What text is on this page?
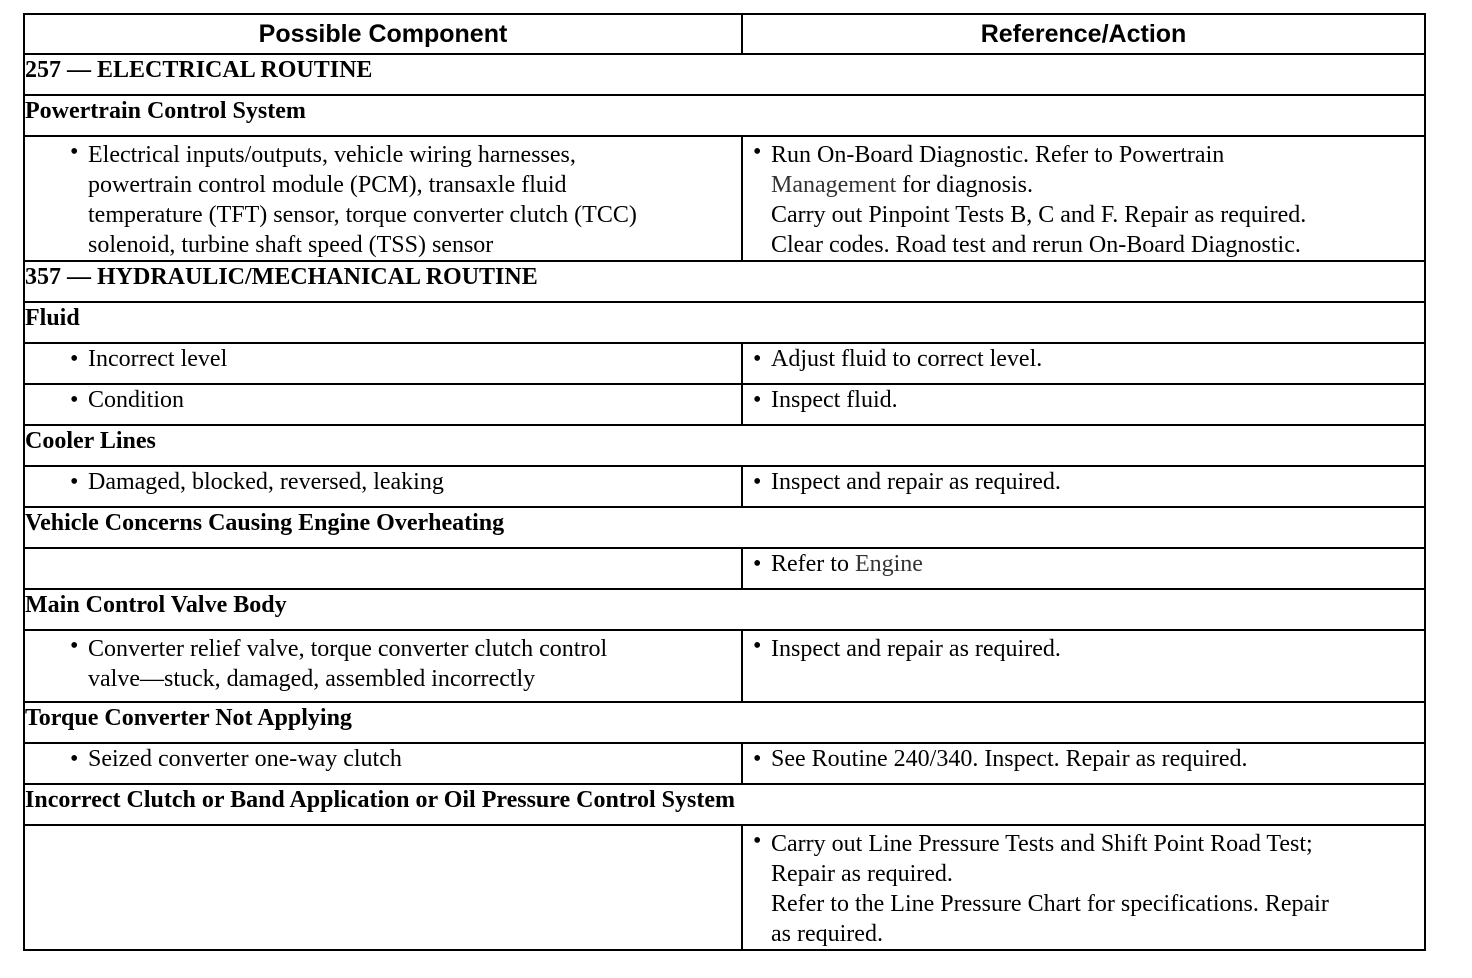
Possible Component	Reference/Action
257 — ELECTRICAL ROUTINE	
Powertrain Control System	

• Electrical inputs/outputs, vehicle wiring harnesses,
powertrain control module (PCM), transaxle fluid
temperature (TFT) sensor, torque converter clutch (TCC)
solenoid, turbine shaft speed (TSS) sensor	• Run On-Board Diagnostic. Refer to Powertrain
Management for diagnosis.
Carry out Pinpoint Tests B, C and F. Repair as required.
Clear codes. Road test and rerun On-Board Diagnostic.

357 — HYDRAULIC/MECHANICAL ROUTINE	
Fluid	

• Incorrect level	• Adjust fluid to correct level.

• Condition	• Inspect fluid.

Cooler Lines	

• Damaged, blocked, reversed, leaking	• Inspect and repair as required.

Vehicle Concerns Causing Engine Overheating	

	• Refer to Engine

Main Control Valve Body	

• Converter relief valve, torque converter clutch control
valve—stuck, damaged, assembled incorrectly	• Inspect and repair as required.

Torque Converter Not Applying	

• Seized converter one-way clutch	• See Routine 240/340. Inspect. Repair as required.

Incorrect Clutch or Band Application or Oil Pressure Control System	

	• Carry out Line Pressure Tests and Shift Point Road Test;
Repair as required.
Refer to the Line Pressure Chart for specifications. Repair
as required.
